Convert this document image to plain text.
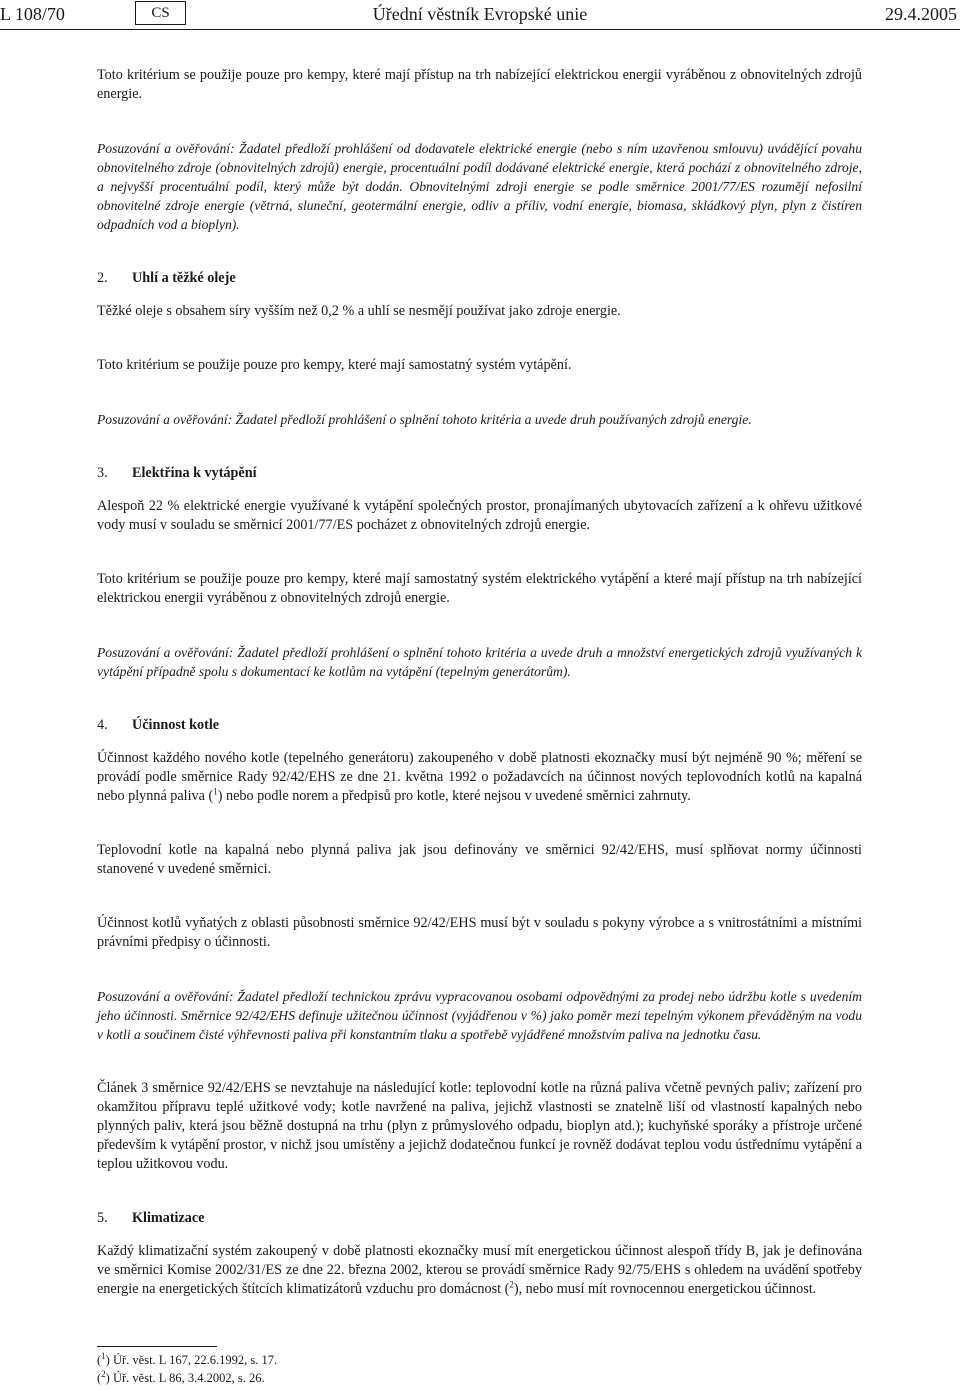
L 108/70	Úřední věstník Evropské unie
CS	29.4.2005

Toto kritérium se použije pouze pro kempy, které mají přístup na trh nabízející elektrickou energii vyráběnou z obnovitelných zdrojů energie.

Posuzování a ověřování: Žadatel předloží prohlášení od dodavatele elektrické energie (nebo s ním uzavřenou smlouvu) uvádějící povahu obnovitelného zdroje (obnovitelných zdrojů) energie, procentuální podíl dodávané elektrické energie, která pochází z obnovitelného zdroje, a nejvyšší procentuální podíl, který může být dodán. Obnovitelnými zdroji energie se podle směrnice 2001/77/ES rozumějí nefosilní obnovitelné zdroje energie (větrná, sluneční, geotermální energie, odliv a příliv, vodní energie, biomasa, skládkový plyn, plyn z čistíren odpadních vod a bioplyn).

2.	Uhlí a těžké oleje

Těžké oleje s obsahem síry vyšším než 0,2 % a uhlí se nesmějí používat jako zdroje energie.

Toto kritérium se použije pouze pro kempy, které mají samostatný systém vytápění.

Posuzování a ověřování: Žadatel předloží prohlášení o splnění tohoto kritéria a uvede druh používaných zdrojů energie.

3.	Elektřina k vytápění

Alespoň 22 % elektrické energie využívané k vytápění společných prostor, pronajímaných ubytovacích zařízení a k ohřevu užitkové vody musí v souladu se směrnicí 2001/77/ES pocházet z obnovitelných zdrojů energie.

Toto kritérium se použije pouze pro kempy, které mají samostatný systém elektrického vytápění a které mají přístup na trh nabízející elektrickou energii vyráběnou z obnovitelných zdrojů energie.

Posuzování a ověřování: Žadatel předloží prohlášení o splnění tohoto kritéria a uvede druh a množství energetických zdrojů využívaných k vytápění případně spolu s dokumentací ke kotlům na vytápění (tepelným generátorům).

4.	Účinnost kotle

Účinnost každého nového kotle (tepelného generátoru) zakoupeného v době platnosti ekoznačky musí být nejméně 90 %; měření se provádí podle směrnice Rady 92/42/EHS ze dne 21. května 1992 o požadavcích na účinnost nových teplovodních kotlů na kapalná nebo plynná paliva ($^1$) nebo podle norem a předpisů pro kotle, které nejsou v uvedené směrnici zahrnuty.

Teplovodní kotle na kapalná nebo plynná paliva jak jsou definovány ve směrnici 92/42/EHS, musí splňovat normy účinnosti stanovené v uvedené směrnici.

Účinnost kotlů vyňatých z oblasti působnosti směrnice 92/42/EHS musí být v souladu s pokyny výrobce a s vnitrostátními a místními právními předpisy o účinnosti.

Posuzování a ověřování: Žadatel předloží technickou zprávu vypracovanou osobami odpovědnými za prodej nebo údržbu kotle s uvedením jeho účinnosti. Směrnice 92/42/EHS definuje užitečnou účinnost (vyjádřenou v %) jako poměr mezi tepelným výkonem převáděným na vodu v kotli a součinem čisté výhřevnosti paliva při konstantním tlaku a spotřebě vyjádřené množstvím paliva na jednotku času.

Článek 3 směrnice 92/42/EHS se nevztahuje na následující kotle: teplovodní kotle na různá paliva včetně pevných paliv; zařízení pro okamžitou přípravu teplé užitkové vody; kotle navržené na paliva, jejichž vlastnosti se znatelně liší od vlastností kapalných nebo plynných paliv, která jsou běžně dostupná na trhu (plyn z průmyslového odpadu, bioplyn atd.); kuchyňské sporáky a přístroje určené především k vytápění prostor, v nichž jsou umístěny a jejichž dodatečnou funkcí je rovněž dodávat teplou vodu ústřednímu vytápění a teplou užitkovou vodu.

5.	Klimatizace

Každý klimatizační systém zakoupený v době platnosti ekoznačky musí mít energetickou účinnost alespoň třídy B, jak je definována ve směrnici Komise 2002/31/ES ze dne 22. března 2002, kterou se provádí směrnice Rady 92/75/EHS s ohledem na uvádění spotřeby energie na energetických štítcích klimatizátorů vzduchu pro domácnost ($^2$), nebo musí mít rovnocennou energetickou účinnost.

($^1$) Úř. věst. L 167, 22.6.1992, s. 17.
($^2$) Úř. věst. L 86, 3.4.2002, s. 26.
